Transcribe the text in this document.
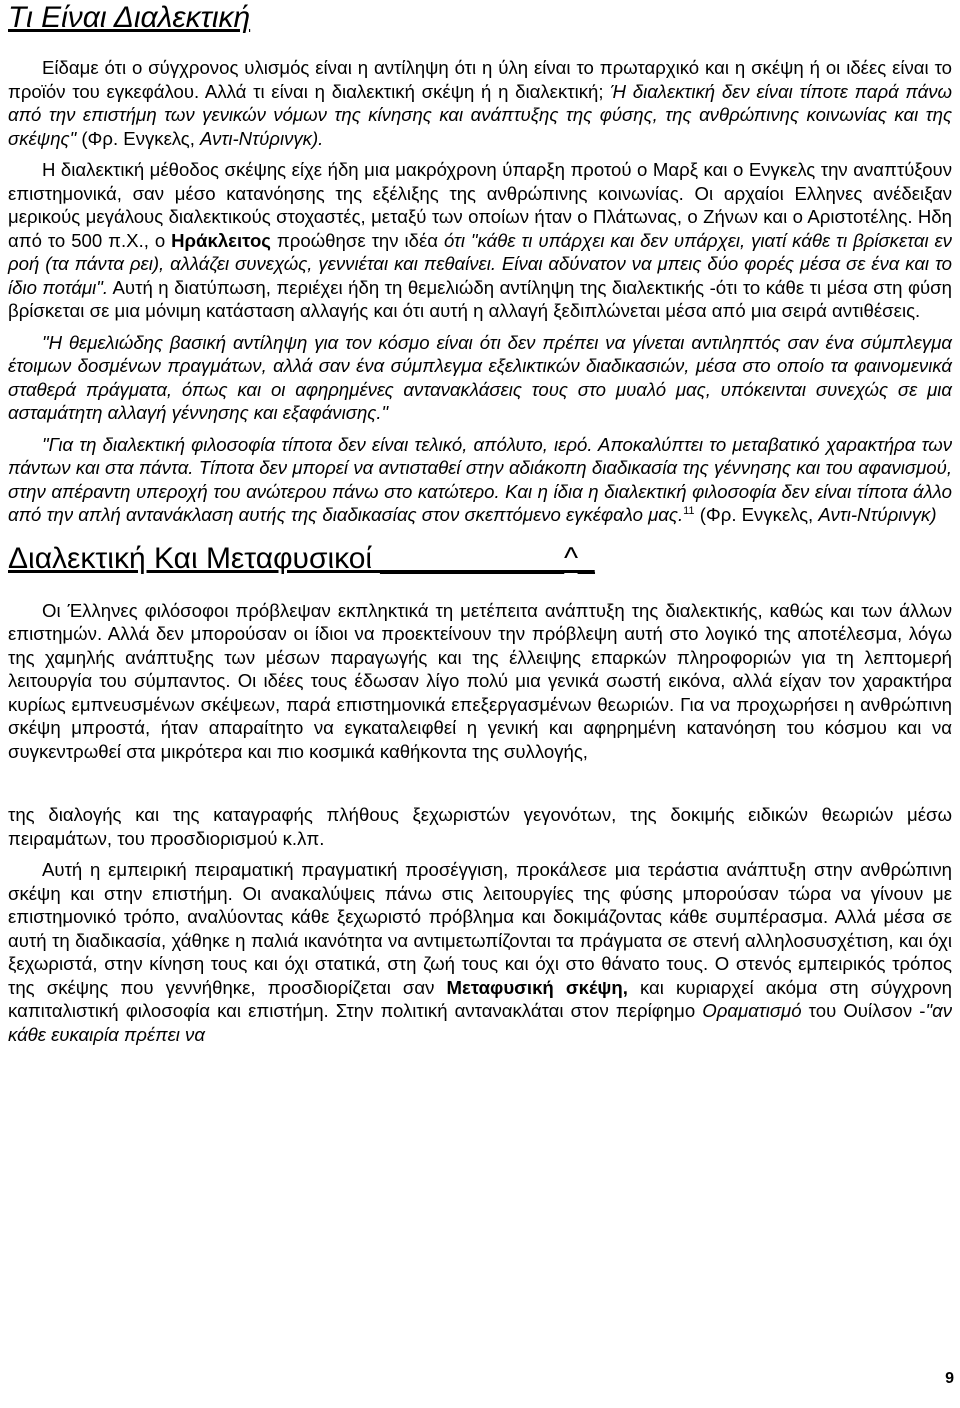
Τι Είναι Διαλεκτική

Είδαμε ότι ο σύγχρονος υλισμός είναι η αντίληψη ότι η ύλη είναι το πρωταρχικό και η σκέψη ή οι ιδέες είναι το προϊόν του εγκεφάλου. Αλλά τι είναι η διαλεκτική σκέψη ή η διαλεκτική; Ή διαλεκτική δεν είναι τίποτε παρά πάνω από την επιστήμη των γενικών νόμων της κίνησης και ανάπτυξης της φύσης, της ανθρώπινης κοινωνίας και της σκέψης" (Φρ. Ενγκελς, Αντι-Ντύρινγκ).

Η διαλεκτική μέθοδος σκέψης είχε ήδη μια μακρόχρονη ύπαρξη προτού ο Μαρξ και ο Ενγκελς την αναπτύξουν επιστημονικά, σαν μέσο κατανόησης της εξέλιξης της ανθρώπινης κοινωνίας. Οι αρχαίοι Ελληνες ανέδειξαν μερικούς μεγάλους διαλεκτικούς στοχαστές, μεταξύ των οποίων ήταν ο Πλάτωνας, ο Ζήνων και ο Αριστοτέλης. Ηδη από το 500 π.Χ., ο Ηράκλειτος προώθησε την ιδέα ότι "κάθε τι υπάρχει και δεν υπάρχει, γιατί κάθε τι βρίσκεται εν ροή (τα πάντα ρει), αλλάζει συνεχώς, γεννιέται και πεθαίνει. Είναι αδύνατον να μπεις δύο φορές μέσα σε ένα και το ίδιο ποτάμι". Αυτή η διατύπωση, περιέχει ήδη τη θεμελιώδη αντίληψη της διαλεκτικής -ότι το κάθε τι μέσα στη φύση βρίσκεται σε μια μόνιμη κατάσταση αλλαγής και ότι αυτή η αλλαγή ξεδιπλώνεται μέσα από μια σειρά αντιθέσεις.

"Η θεμελιώδης βασική αντίληψη για τον κόσμο είναι ότι δεν πρέπει να γίνεται αντιληπτός σαν ένα σύμπλεγμα έτοιμων δοσμένων πραγμάτων, αλλά σαν ένα σύμπλεγμα εξελικτικών διαδικασιών, μέσα στο οποίο τα φαινομενικά σταθερά πράγματα, όπως και οι αφηρημένες αντανακλάσεις τους στο μυαλό μας, υπόκεινται συνεχώς σε μια ασταμάτητη αλλαγή γέννησης και εξαφάνισης."

"Για τη διαλεκτική φιλοσοφία τίποτα δεν είναι τελικό, απόλυτο, ιερό. Αποκαλύπτει το μεταβατικό χαρακτήρα των πάντων και στα πάντα. Τίποτα δεν μπορεί να αντισταθεί στην αδιάκοπη διαδικασία της γέννησης και του αφανισμού, στην απέραντη υπεροχή του ανώτερου πάνω στο κατώτερο. Και η ίδια η διαλεκτική φιλοσοφία δεν είναι τίποτα άλλο από την απλή αντανάκλαση αυτής της διαδικασίας στον σκεπτόμενο εγκέφαλο μας.$^{11}$ (Φρ. Ενγκελς, Αντι-Ντύρινγκ)

Διαλεκτική Και Μεταφυσικοί ___________^_

Οι Έλληνες φιλόσοφοι πρόβλεψαν εκπληκτικά τη μετέπειτα ανάπτυξη της διαλεκτικής, καθώς και των άλλων επιστημών. Αλλά δεν μπορούσαν οι ίδιοι να προεκτείνουν την πρόβλεψη αυτή στο λογικό της αποτέλεσμα, λόγω της χαμηλής ανάπτυξης των μέσων παραγωγής και της έλλειψης επαρκών πληροφοριών για τη λεπτομερή λειτουργία του σύμπαντος. Οι ιδέες τους έδωσαν λίγο πολύ μια γενικά σωστή εικόνα, αλλά είχαν τον χαρακτήρα κυρίως εμπνευσμένων σκέψεων, παρά επιστημονικά επεξεργασμένων θεωριών. Για να προχωρήσει η ανθρώπινη σκέψη μπροστά, ήταν απαραίτητο να εγκαταλειφθεί η γενική και αφηρημένη κατανόηση του κόσμου και να συγκεντρωθεί στα μικρότερα και πιο κοσμικά καθήκοντα της συλλογής,

της διαλογής και της καταγραφής πλήθους ξεχωριστών γεγονότων, της δοκιμής ειδικών θεωριών μέσω πειραμάτων, του προσδιορισμού κ.λπ.

Αυτή η εμπειρική πειραματική πραγματική προσέγγιση, προκάλεσε μια τεράστια ανάπτυξη στην ανθρώπινη σκέψη και στην επιστήμη. Οι ανακαλύψεις πάνω στις λειτουργίες της φύσης μπορούσαν τώρα να γίνουν με επιστημονικό τρόπο, αναλύοντας κάθε ξεχωριστό πρόβλημα και δοκιμάζοντας κάθε συμπέρασμα. Αλλά μέσα σε αυτή τη διαδικασία, χάθηκε η παλιά ικανότητα να αντιμετωπίζονται τα πράγματα σε στενή αλληλοσυσχέτιση, και όχι ξεχωριστά, στην κίνηση τους και όχι στατικά, στη ζωή τους και όχι στο θάνατο τους. Ο στενός εμπειρικός τρόπος της σκέψης που γεννήθηκε, προσδιορίζεται σαν Μεταφυσική σκέψη, και κυριαρχεί ακόμα στη σύγχρονη καπιταλιστική φιλοσοφία και επιστήμη. Στην πολιτική αντανακλάται στον περίφημο Οραματισμό του Ουίλσον -"αν κάθε ευκαιρία πρέπει να

9
